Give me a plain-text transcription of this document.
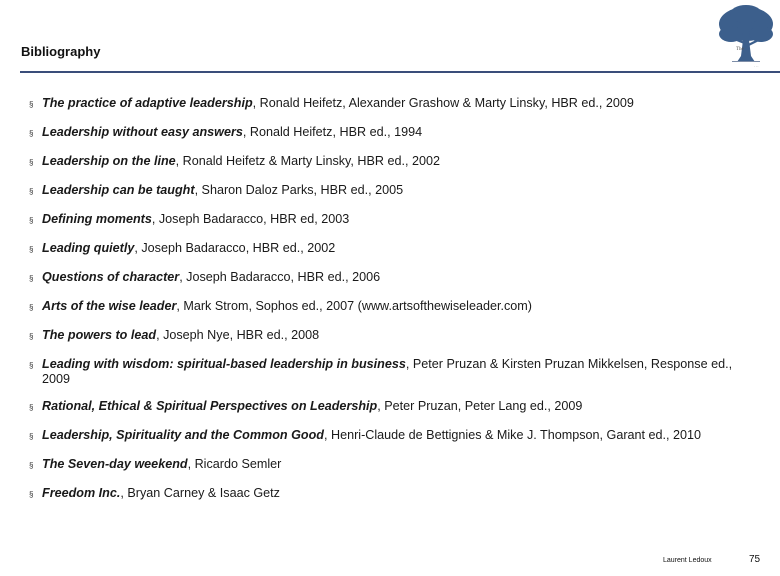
Bibliography	The
. . .
§ The practice of adaptive leadership, Ronald Heifetz, Alexander Grashow & Marty Linsky, HBR ed., 2009
§ Leadership without easy answers, Ronald Heifetz, HBR ed., 1994
§ Leadership on the line, Ronald Heifetz & Marty Linsky, HBR ed., 2002
§ Leadership can be taught, Sharon Daloz Parks, HBR ed., 2005
§ Defining moments, Joseph Badaracco, HBR ed, 2003
§ Leading quietly, Joseph Badaracco, HBR ed., 2002
§ Questions of character, Joseph Badaracco, HBR ed., 2006
§ Arts of the wise leader, Mark Strom, Sophos ed., 2007 (www.artsofthewiseleader.com)
§ The powers to lead, Joseph Nye, HBR ed., 2008
§ Leading with wisdom: spiritual-based leadership in business, Peter Pruzan & Kirsten Pruzan Mikkelsen, Response ed., 2009
§ Rational, Ethical & Spiritual Perspectives on Leadership, Peter Pruzan, Peter Lang ed., 2009
§ Leadership, Spirituality and the Common Good, Henri-Claude de Bettignies & Mike J. Thompson, Garant ed., 2010
§ The Seven-day weekend, Ricardo Semler
§ Freedom Inc., Bryan Carney & Isaac Getz
Laurent Ledoux	75
